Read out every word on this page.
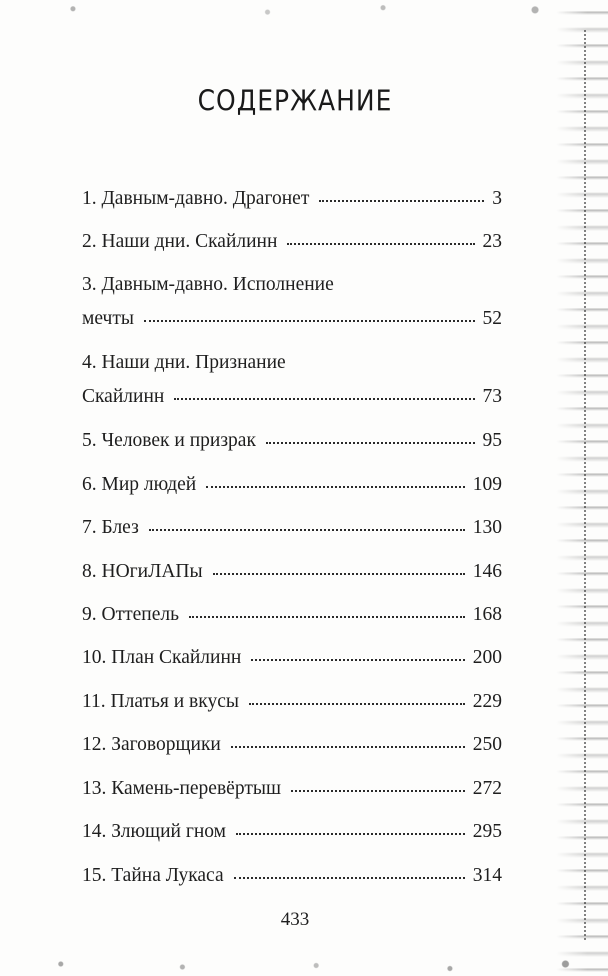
СОДЕРЖАНИЕ
1. Давным-давно. Драгонет	3
2. Наши дни. Скайлинн	23
3. Давным-давно. Исполнение
мечты	52
4. Наши дни. Признание
Скайлинн	73
5. Человек и призрак	95
6. Мир людей	109
7. Блез	130
8. НОгиЛАПы	146
9. Оттепель	168
10. План Скайлинн	200
11. Платья и вкусы	229
12. Заговорщики	250
13. Камень-перевёртыш	272
14. Злющий гном	295
15. Тайна Лукаса	314
433
